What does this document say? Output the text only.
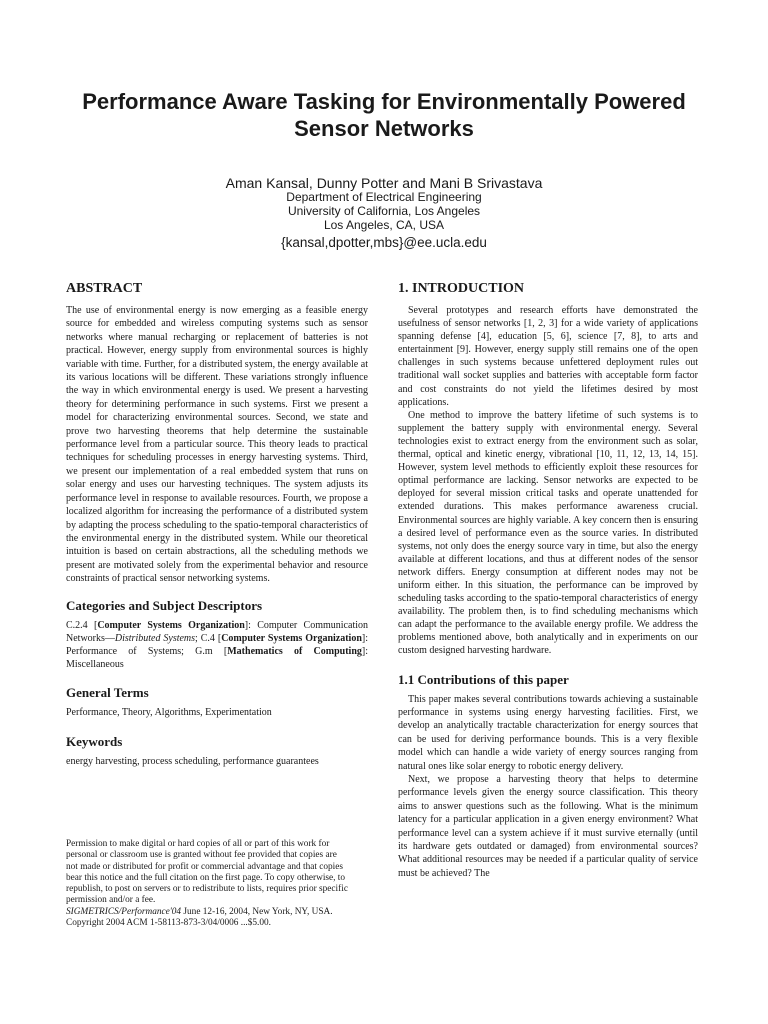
Performance Aware Tasking for Environmentally Powered
Sensor Networks
Aman Kansal, Dunny Potter and Mani B Srivastava
Department of Electrical Engineering
University of California, Los Angeles
Los Angeles, CA, USA
{kansal,dpotter,mbs}@ee.ucla.edu
ABSTRACT

The use of environmental energy is now emerging as a feasible energy source for embedded and wireless computing systems such as sensor networks where manual recharging or replacement of batteries is not practical. However, energy supply from environmental sources is highly variable with time. Further, for a distributed system, the energy available at its various locations will be different. These variations strongly influence the way in which environmental energy is used. We present a harvesting theory for determining performance in such systems. First we present a model for characterizing environmental sources. Second, we state and prove two harvesting theorems that help determine the sustainable performance level from a particular source. This theory leads to practical techniques for scheduling processes in energy harvesting systems. Third, we present our implementation of a real embedded system that runs on solar energy and uses our harvesting techniques. The system adjusts its performance level in response to available resources. Fourth, we propose a localized algorithm for increasing the performance of a distributed system by adapting the process scheduling to the spatio-temporal characteristics of the environmental energy in the distributed system. While our theoretical intuition is based on certain abstractions, all the scheduling methods we present are motivated solely from the experimental behavior and resource constraints of practical sensor networking systems.

Categories and Subject Descriptors

C.2.4 [Computer Systems Organization]: Computer Communication Networks—Distributed Systems; C.4 [Computer Systems Organization]: Performance of Systems; G.m [Mathematics of Computing]: Miscellaneous

General Terms

Performance, Theory, Algorithms, Experimentation

Keywords

energy harvesting, process scheduling, performance guarantees

Permission to make digital or hard copies of all or part of this work for
personal or classroom use is granted without fee provided that copies are
not made or distributed for profit or commercial advantage and that copies
bear this notice and the full citation on the first page. To copy otherwise, to
republish, to post on servers or to redistribute to lists, requires prior specific
permission and/or a fee.
SIGMETRICS/Performance'04 June 12-16, 2004, New York, NY, USA.
Copyright 2004 ACM 1-58113-873-3/04/0006 ...$5.00.
1. INTRODUCTION

Several prototypes and research efforts have demonstrated the usefulness of sensor networks [1, 2, 3] for a wide variety of applications spanning defense [4], education [5, 6], science [7, 8], to arts and entertainment [9]. However, energy supply still remains one of the open challenges in such systems because unfettered deployment rules out traditional wall socket supplies and batteries with acceptable form factor and cost constraints do not yield the lifetimes desired by most applications.

One method to improve the battery lifetime of such systems is to supplement the battery supply with environmental energy. Several technologies exist to extract energy from the environment such as solar, thermal, optical and kinetic energy, vibrational [10, 11, 12, 13, 14, 15]. However, system level methods to efficiently exploit these resources for optimal performance are lacking. Sensor networks are expected to be deployed for several mission critical tasks and operate unattended for extended durations. This makes performance awareness crucial. Environmental sources are highly variable. A key concern then is ensuring a desired level of performance even as the source varies. In distributed systems, not only does the energy source vary in time, but also the energy available at different locations, and thus at different nodes of the sensor network differs. Energy consumption at different nodes may not be uniform either. In this situation, the performance can be improved by scheduling tasks according to the spatio-temporal characteristics of energy availability. The problem then, is to find scheduling mechanisms which can adapt the performance to the available energy profile. We address the problems mentioned above, both analytically and in experiments on our custom designed harvesting hardware.

1.1 Contributions of this paper

This paper makes several contributions towards achieving a sustainable performance in systems using energy harvesting facilities. First, we develop an analytically tractable characterization for energy sources that can be used for deriving performance bounds. This is a very flexible model which can handle a wide variety of energy sources ranging from natural ones like solar energy to robotic energy delivery.

Next, we propose a harvesting theory that helps to determine performance levels given the energy source classification. This theory aims to answer questions such as the following. What is the minimum latency for a particular application in a given energy environment? What performance level can a system achieve if it must survive eternally (until its hardware gets outdated or damaged) from environmental sources? What additional resources may be needed if a particular quality of service must be achieved? The
